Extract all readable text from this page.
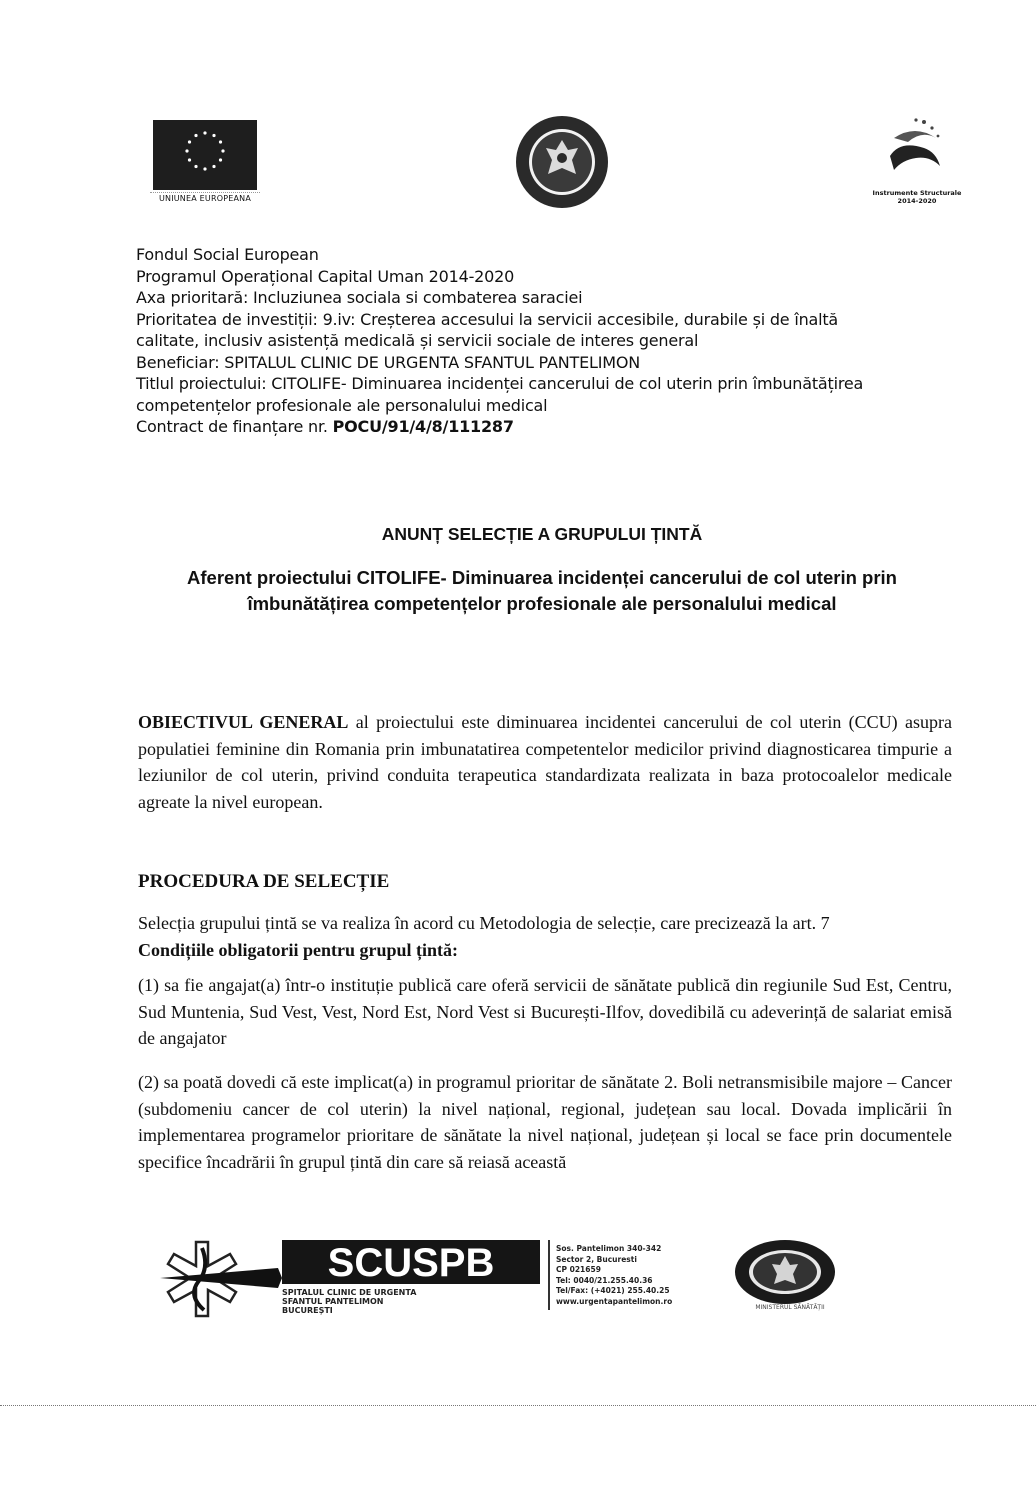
UNIUNEA EUROPEANA
Instrumente Structurale
2014-2020
Fondul Social European
Programul Operațional Capital Uman 2014-2020
Axa prioritară: Incluziunea sociala si combaterea saraciei
Prioritatea de investiții: 9.iv: Creșterea accesului la servicii accesibile, durabile și de înaltă
calitate, inclusiv asistență medicală și servicii sociale de interes general
Beneficiar: SPITALUL CLINIC DE URGENTA SFANTUL PANTELIMON
Titlul proiectului: CITOLIFE- Diminuarea incidenței cancerului de col uterin prin îmbunătățirea
competențelor profesionale ale personalului medical
Contract de finanțare nr. POCU/91/4/8/111287
ANUNȚ SELECȚIE A GRUPULUI ȚINTĂ
Aferent proiectului CITOLIFE- Diminuarea incidenței cancerului de col uterin prin
îmbunătățirea competențelor profesionale ale personalului medical
OBIECTIVUL GENERAL al proiectului este diminuarea incidentei cancerului de col uterin (CCU) asupra populatiei feminine din Romania prin imbunatatirea competentelor medicilor privind diagnosticarea timpurie a leziunilor de col uterin, privind conduita terapeutica standardizata realizata in baza protocoalelor medicale agreate la nivel european.
PROCEDURA DE SELECȚIE
Selecția grupului țintă se va realiza în acord cu Metodologia de selecție, care precizează la art. 7
Condițiile obligatorii pentru grupul țintă:
(1) sa fie angajat(a) într-o instituție publică care oferă servicii de sănătate publică din regiunile Sud Est, Centru, Sud Muntenia, Sud Vest, Vest, Nord Est, Nord Vest si București-Ilfov, dovedibilă cu adeverință de salariat emisă de angajator
(2) sa poată dovedi că este implicat(a) in programul prioritar de sănătate 2. Boli netransmisibile majore – Cancer (subdomeniu cancer de col uterin) la nivel național, regional, județean sau local. Dovada implicării în implementarea programelor prioritare de sănătate la nivel național, județean și local se face prin documentele specifice încadrării în grupul țintă din care să reiasă această
SCUSPB
SPITALUL CLINIC DE URGENTA
SFANTUL PANTELIMON
BUCUREȘTI
Sos. Pantelimon 340-342
Sector 2, Bucuresti
CP 021659
Tel: 0040/21.255.40.36
Tel/Fax: (+4021) 255.40.25
www.urgentapantelimon.ro
MINISTERUL SĂNĂTĂȚII
